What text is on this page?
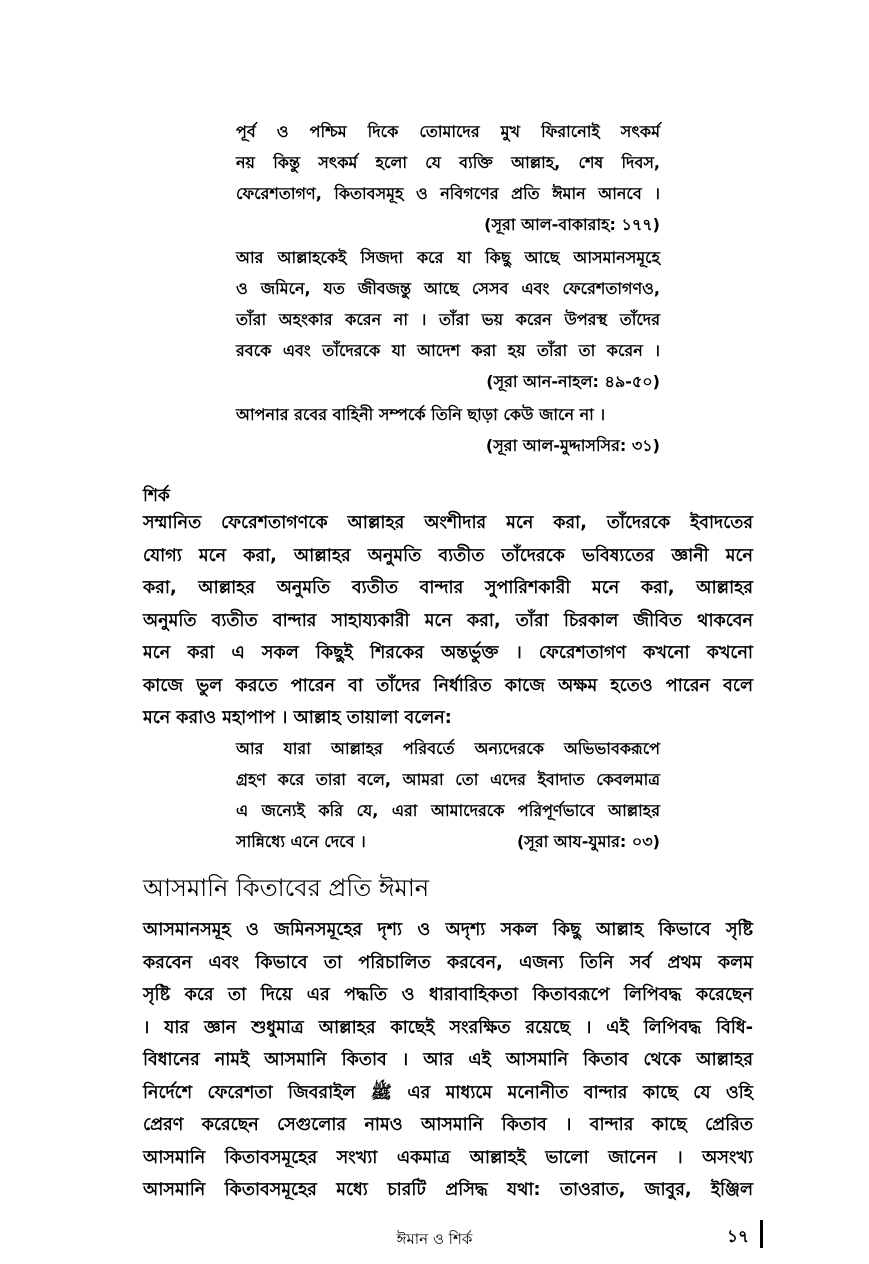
পূর্ব ও পশ্চিম দিকে তোমাদের মুখ ফিরানোই সৎকর্ম
নয় কিন্তু সৎকর্ম হলো যে ব্যক্তি আল্লাহ, শেষ দিবস,
ফেরেশতাগণ, কিতাবসমূহ ও নবিগণের প্রতি ঈমান আনবে ।
(সূরা আল-বাকারাহ: ১৭৭)
আর আল্লাহকেই সিজদা করে যা কিছু আছে আসমানসমূহে
ও জমিনে, যত জীবজন্তু আছে সেসব এবং ফেরেশতাগণও,
তাঁরা অহংকার করেন না । তাঁরা ভয় করেন উপরস্থ তাঁদের
রবকে এবং তাঁদেরকে যা আদেশ করা হয় তাঁরা তা করেন ।
(সূরা আন-নাহল: ৪৯-৫০)
আপনার রবের বাহিনী সম্পর্কে তিনি ছাড়া কেউ জানে না ।
(সূরা আল-মুদ্দাসসির: ৩১)
শির্ক
সম্মানিত ফেরেশতাগণকে আল্লাহর অংশীদার মনে করা, তাঁদেরকে ইবাদতের
যোগ্য মনে করা, আল্লাহর অনুমতি ব্যতীত তাঁদেরকে ভবিষ্যতের জ্ঞানী মনে
করা, আল্লাহর অনুমতি ব্যতীত বান্দার সুপারিশকারী মনে করা, আল্লাহর
অনুমতি ব্যতীত বান্দার সাহায্যকারী মনে করা, তাঁরা চিরকাল জীবিত থাকবেন
মনে করা এ সকল কিছুই শিরকের অন্তর্ভুক্ত । ফেরেশতাগণ কখনো কখনো
কাজে ভুল করতে পারেন বা তাঁদের নির্ধারিত কাজে অক্ষম হতেও পারেন বলে
মনে করাও মহাপাপ । আল্লাহ তায়ালা বলেন:
আর যারা আল্লাহর পরিবর্তে অন্যদেরকে অভিভাবকরূপে
গ্রহণ করে তারা বলে, আমরা তো এদের ইবাদাত কেবলমাত্র
এ জন্যেই করি যে, এরা আমাদেরকে পরিপূর্ণভাবে আল্লাহর
সান্নিধ্যে এনে দেবে ।	(সূরা আয-যুমার: ০৩)
আসমানি কিতাবের প্রতি ঈমান
আসমানসমূহ ও জমিনসমূহের দৃশ্য ও অদৃশ্য সকল কিছু আল্লাহ কিভাবে সৃষ্টি
করবেন এবং কিভাবে তা পরিচালিত করবেন, এজন্য তিনি সর্ব প্রথম কলম
সৃষ্টি করে তা দিয়ে এর পদ্ধতি ও ধারাবাহিকতা কিতাবরূপে লিপিবদ্ধ করেছেন
। যার জ্ঞান শুধুমাত্র আল্লাহর কাছেই সংরক্ষিত রয়েছে । এই লিপিবদ্ধ বিধি-
বিধানের নামই আসমানি কিতাব । আর এই আসমানি কিতাব থেকে আল্লাহর
নির্দেশে ফেরেশতা জিবরাইল ﷺ এর মাধ্যমে মনোনীত বান্দার কাছে যে ওহি
প্রেরণ করেছেন সেগুলোর নামও আসমানি কিতাব । বান্দার কাছে প্রেরিত
আসমানি কিতাবসমূহের সংখ্যা একমাত্র আল্লাহই ভালো জানেন । অসংখ্য
আসমানি কিতাবসমূহের মধ্যে চারটি প্রসিদ্ধ যথা: তাওরাত, জাবুর, ইঞ্জিল
ঈমান ও শির্ক	১৭
